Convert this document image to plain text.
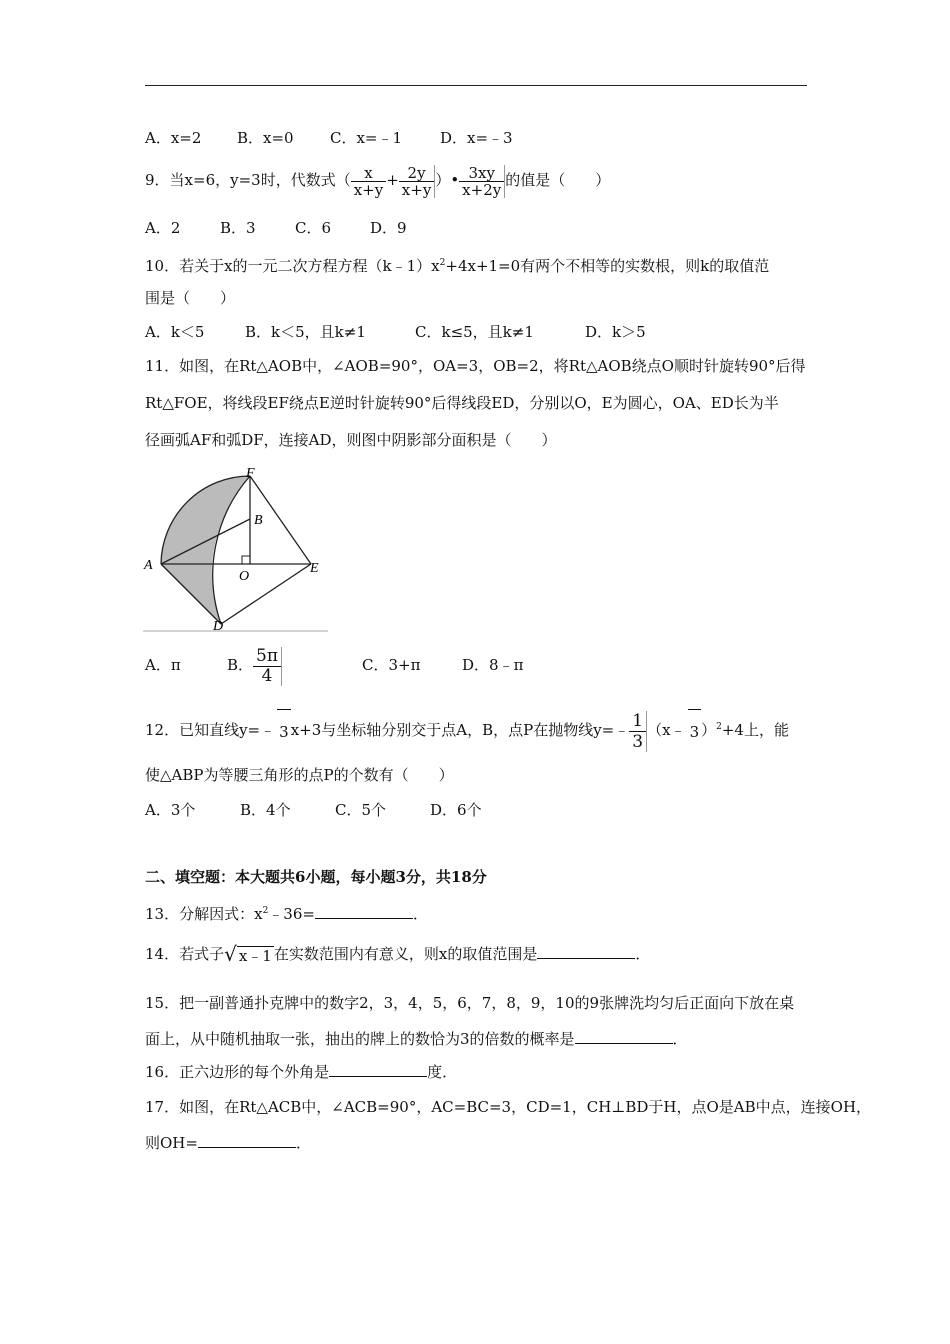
A．x=2 B．x=0 C．x=﹣1	D．x=﹣3
9．当x=6，y=3时，代数式（ $\frac{x}{x+y} + \frac{2y}{x+y}$ ）• $\frac{3xy}{x+2y}$ 的值是（　　）
A．2	B．3	C．6	D．9
10．若关于x的一元二次方程方程$(k﹣1)x^2+4x+1=0$有两个不相等的实数根，则k的取值范
围是（　　）
A．k＜5	B．k＜5，且k≠1	C．k≤5，且k≠1	D．k＞5
11．如图，在Rt△AOB中，∠AOB=90°，OA=3，OB=2，将Rt△AOB绕点O顺时针旋转90°后得
Rt△FOE，将线段EF绕点E逆时针旋转90°后得线段ED，分别以O，E为圆心，OA、ED长为半
径画弧AF和弧DF，连接AD，则图中阴影部分面积是（　　）
F
B
A
O
E
D
A．π	B． $\frac{5\pi}{4}$	C．3+π	D．8﹣π
12．已知直线y=﹣ 3 x+3与坐标轴分别交于点A，B，点P在抛物线y=﹣ $\frac{1}{3}$ （x﹣ 3 ）$^2$+4上，能
使△ABP为等腰三角形的点P的个数有（　　）
A．3个	B．4个	C．5个	D．6个
二、填空题：本大题共6小题，每小题3分，共18分
13．分解因式：$x^2﹣36=$	．
14．若式子√ x﹣1 在实数范围内有意义，则x的取值范围是	．
15．把一副普通扑克牌中的数字2，3，4，5，6，7，8，9，10的9张牌洗均匀后正面向下放在桌
面上，从中随机抽取一张，抽出的牌上的数恰为3的倍数的概率是	．
16．正六边形的每个外角是	度．
17．如图，在Rt△ACB中，∠ACB=90°，AC=BC=3，CD=1，CH⊥BD于H，点O是AB中点，连接OH，
则OH=	．
